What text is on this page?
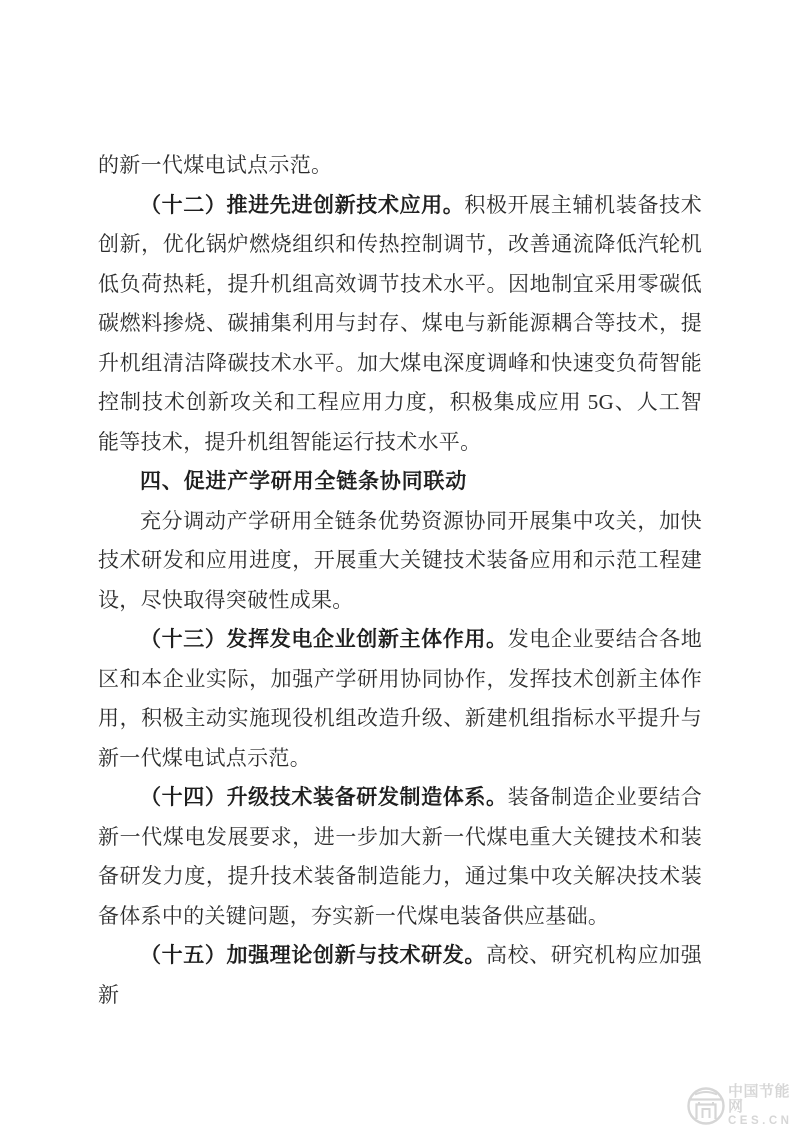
的新一代煤电试点示范。

（十二）推进先进创新技术应用。积极开展主辅机装备技术创新，优化锅炉燃烧组织和传热控制调节，改善通流降低汽轮机低负荷热耗，提升机组高效调节技术水平。因地制宜采用零碳低碳燃料掺烧、碳捕集利用与封存、煤电与新能源耦合等技术，提升机组清洁降碳技术水平。加大煤电深度调峰和快速变负荷智能控制技术创新攻关和工程应用力度，积极集成应用 5G、人工智能等技术，提升机组智能运行技术水平。

四、促进产学研用全链条协同联动

充分调动产学研用全链条优势资源协同开展集中攻关，加快技术研发和应用进度，开展重大关键技术装备应用和示范工程建设，尽快取得突破性成果。

（十三）发挥发电企业创新主体作用。发电企业要结合各地区和本企业实际，加强产学研用协同协作，发挥技术创新主体作用，积极主动实施现役机组改造升级、新建机组指标水平提升与新一代煤电试点示范。

（十四）升级技术装备研发制造体系。装备制造企业要结合新一代煤电发展要求，进一步加大新一代煤电重大关键技术和装备研发力度，提升技术装备制造能力，通过集中攻关解决技术装备体系中的关键问题，夯实新一代煤电装备供应基础。

（十五）加强理论创新与技术研发。高校、研究机构应加强新

中国节能网
CES.CN
